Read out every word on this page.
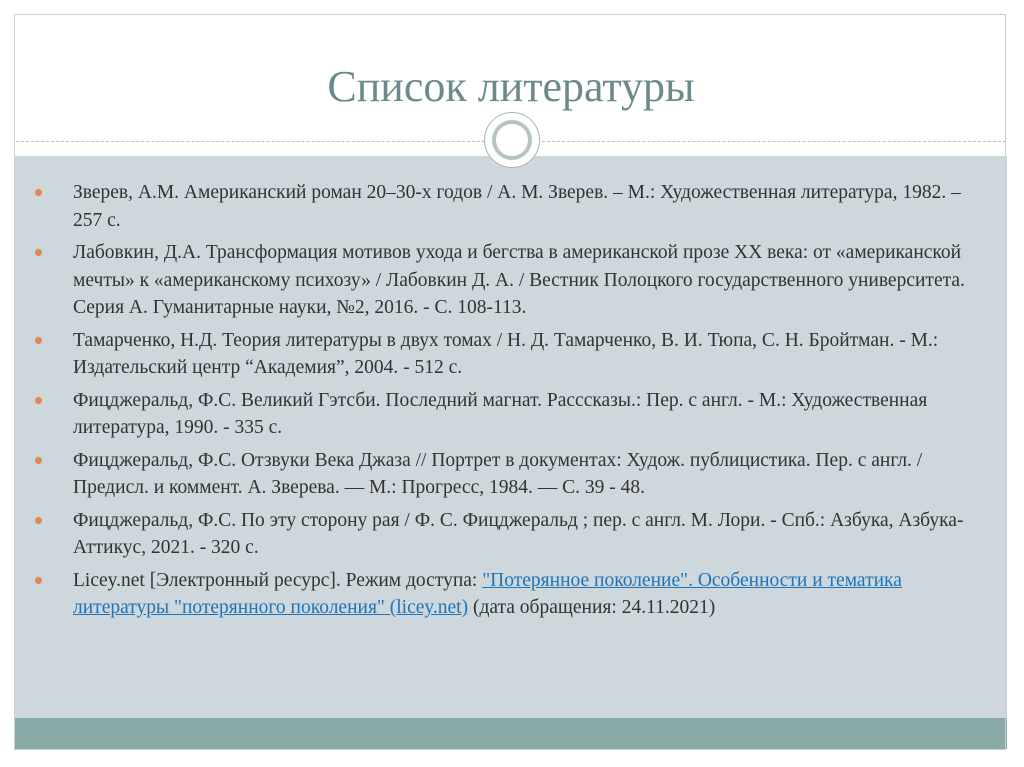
Список литературы
Зверев, А.М. Американский роман 20–30-х годов / А. М. Зверев. – М.: Художественная литература, 1982. – 257 с.
Лабовкин, Д.А. Трансформация мотивов ухода и бегства в американской прозе XX века: от «американской мечты» к «американскому психозу» / Лабовкин Д. А. / Вестник Полоцкого государственного университета. Серия A. Гуманитарные науки, №2, 2016. - С. 108-113.
Тамарченко, Н.Д. Теория литературы в двух томах / Н. Д. Тамарченко, В. И. Тюпа, С. Н. Бройтман. - М.: Издательский центр “Академия”, 2004. - 512 с.
Фицджеральд, Ф.С. Великий Гэтсби. Последний магнат. Расссказы.: Пер. с англ. - М.: Художественная литература, 1990. - 335 с.
Фицджеральд, Ф.С. Отзвуки Века Джаза // Портрет в документах: Худож. публицистика. Пер. с англ. / Предисл. и коммент. А. Зверева. — М.: Прогресс, 1984. — С. 39 - 48.
Фицджеральд, Ф.С. По эту сторону рая / Ф. С. Фицджеральд ; пер. с англ. М. Лори. - Спб.: Азбука, Азбука-Аттикус, 2021. - 320 с.
Licey.net [Электронный ресурс]. Режим доступа: "Потерянное поколение". Особенности и тематика литературы "потерянного поколения" (licey.net) (дата обращения: 24.11.2021)
